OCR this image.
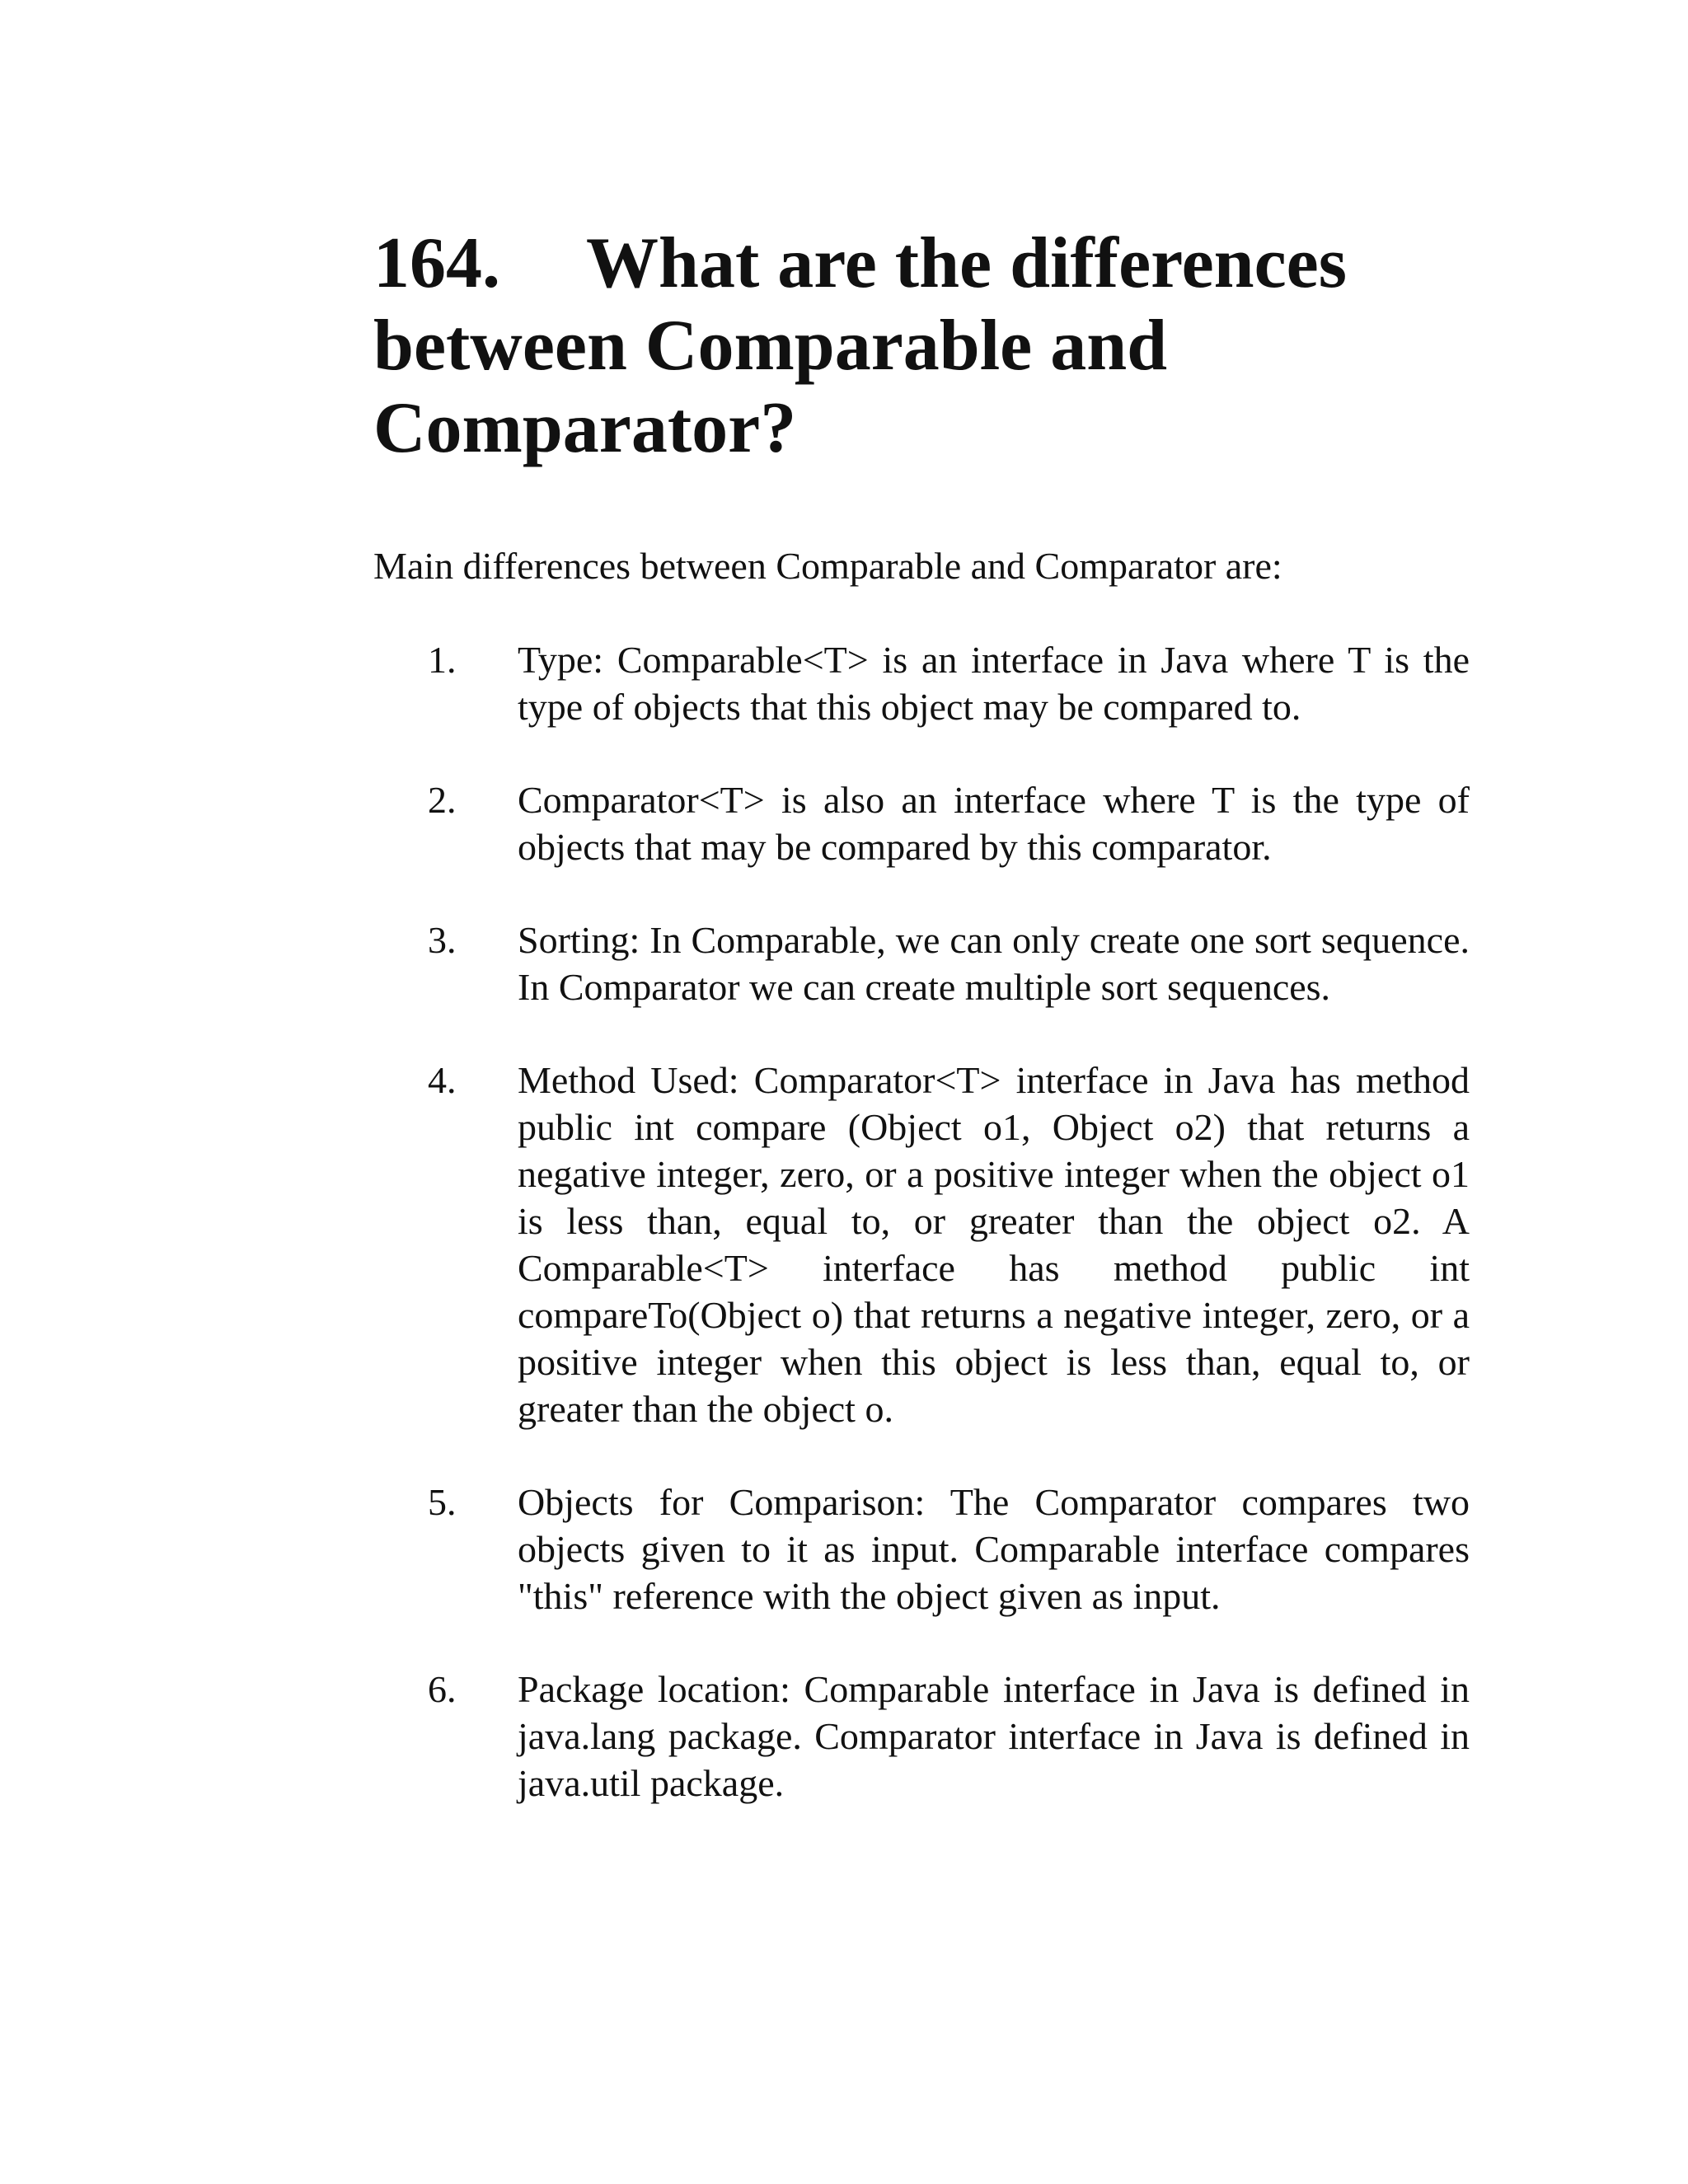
164.	What are the differences
between Comparable and
Comparator?

Main differences between Comparable and Comparator are:

1.	Type: Comparable<T> is an interface in Java where T is the type of objects that this object may be compared to.
2.	Comparator<T> is also an interface where T is the type of objects that may be compared by this comparator.
3.	Sorting: In Comparable, we can only create one sort sequence. In Comparator we can create multiple sort sequences.
4.	Method Used: Comparator<T> interface in Java has method public int compare (Object o1, Object o2) that returns a negative integer, zero, or a positive integer when the object o1 is less than, equal to, or greater than the object o2. A Comparable<T> interface has method public int compareTo(Object o) that returns a negative integer, zero, or a positive integer when this object is less than, equal to, or greater than the object o.
5.	Objects for Comparison: The Comparator compares two objects given to it as input. Comparable interface compares "this" reference with the object given as input.
6.	Package location: Comparable interface in Java is defined in java.lang package. Comparator interface in Java is defined in java.util package.
